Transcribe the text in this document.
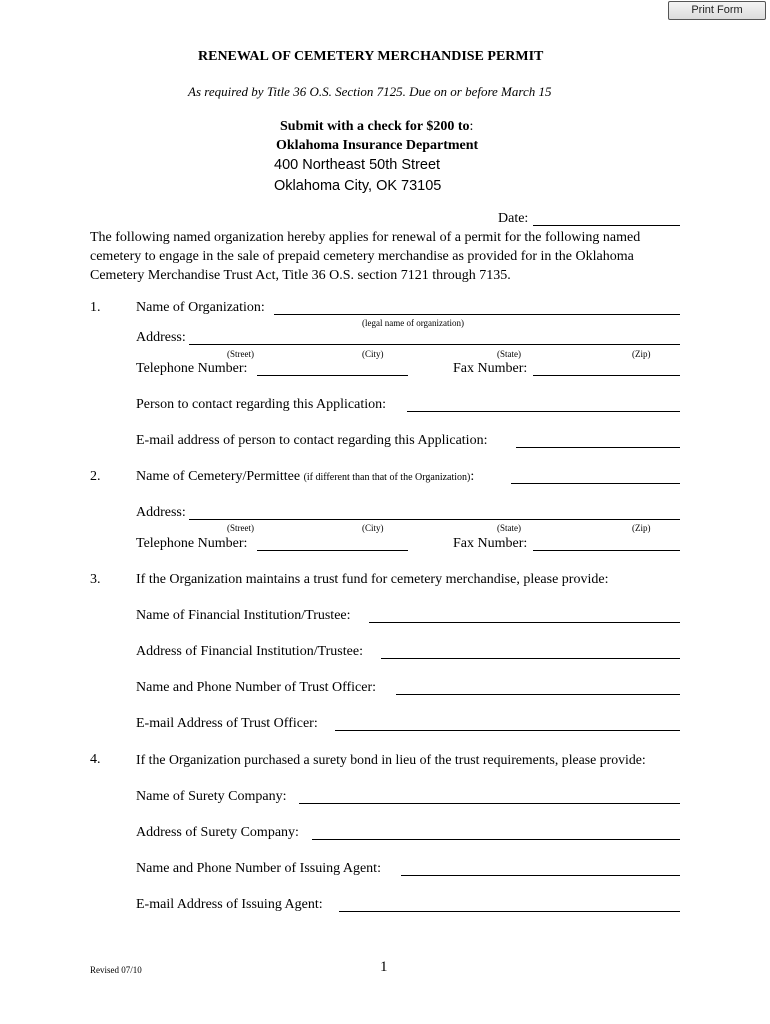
Print Form
RENEWAL OF CEMETERY MERCHANDISE PERMIT
As required by Title 36 O.S. Section 7125. Due on or before March 15
Submit with a check for $200 to:
Oklahoma Insurance Department
400 Northeast 50th Street
Oklahoma City, OK 73105
Date:
The following named organization hereby applies for renewal of a permit for the following named cemetery to engage in the sale of prepaid cemetery merchandise as provided for in the Oklahoma Cemetery Merchandise Trust Act, Title 36 O.S. section 7121 through 7135.
1.	Name of Organization:
(legal name of organization)
Address:
(Street)	(City)	(State)	(Zip)
Telephone Number:	Fax Number:
Person to contact regarding this Application:
E-mail address of person to contact regarding this Application:
2.	Name of Cemetery/Permittee (if different than that of the Organization):
Address:
(Street)	(City)	(State)	(Zip)
Telephone Number:	Fax Number:
3.	If the Organization maintains a trust fund for cemetery merchandise, please provide:
Name of Financial Institution/Trustee:
Address of Financial Institution/Trustee:
Name and Phone Number of Trust Officer:
E-mail Address of Trust Officer:
4.	If the Organization purchased a surety bond in lieu of the trust requirements, please provide:
Name of Surety Company:
Address of Surety Company:
Name and Phone Number of Issuing Agent:
E-mail Address of Issuing Agent:
Revised 07/10	1
